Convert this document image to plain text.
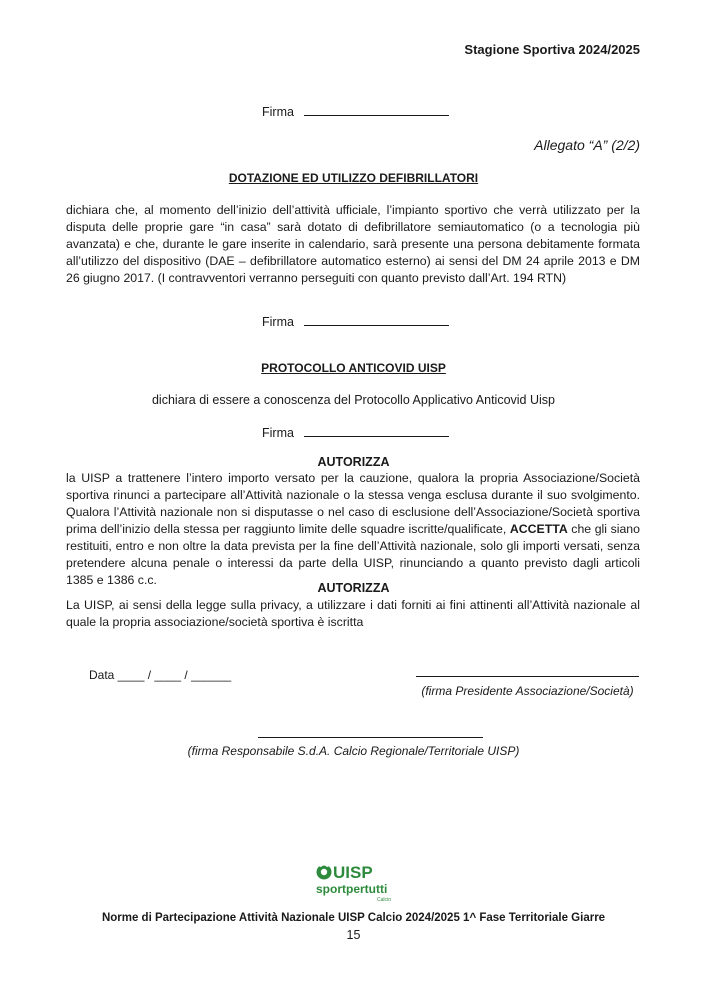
Stagione Sportiva 2024/2025
Firma
Allegato “A” (2/2)
DOTAZIONE ED UTILIZZO DEFIBRILLATORI
dichiara che, al momento dell’inizio dell’attività ufficiale, l’impianto sportivo che verrà utilizzato per la disputa delle proprie gare “in casa” sarà dotato di defibrillatore semiautomatico (o a tecnologia più avanzata) e che, durante le gare inserite in calendario, sarà presente una persona debitamente formata all’utilizzo del dispositivo (DAE – defibrillatore automatico esterno) ai sensi del DM 24 aprile 2013 e DM 26 giugno 2017. (I contravventori verranno perseguiti con quanto previsto dall’Art. 194 RTN)
Firma
PROTOCOLLO ANTICOVID UISP
dichiara di essere a conoscenza del Protocollo Applicativo Anticovid Uisp
Firma
AUTORIZZA
la UISP a trattenere l’intero importo versato per la cauzione, qualora la propria Associazione/Società sportiva rinunci a partecipare all’Attività nazionale o la stessa venga esclusa durante il suo svolgimento. Qualora l’Attività nazionale non si disputasse o nel caso di esclusione dell’Associazione/Società sportiva prima dell’inizio della stessa per raggiunto limite delle squadre iscritte/qualificate, ACCETTA che gli siano restituiti, entro e non oltre la data prevista per la fine dell’Attività nazionale, solo gli importi versati, senza pretendere alcuna penale o interessi da parte della UISP, rinunciando a quanto previsto dagli articoli 1385 e 1386 c.c.
AUTORIZZA
La UISP, ai sensi della legge sulla privacy, a utilizzare i dati forniti ai fini attinenti all’Attività nazionale al quale la propria associazione/società sportiva è iscritta
Data ____ / ____ / ______
(firma Presidente Associazione/Società)
(firma Responsabile S.d.A. Calcio Regionale/Territoriale UISP)
UISP
sportpertutti
Calcio
Norme di Partecipazione Attività Nazionale UISP Calcio 2024/2025 1^ Fase Territoriale Giarre
15
